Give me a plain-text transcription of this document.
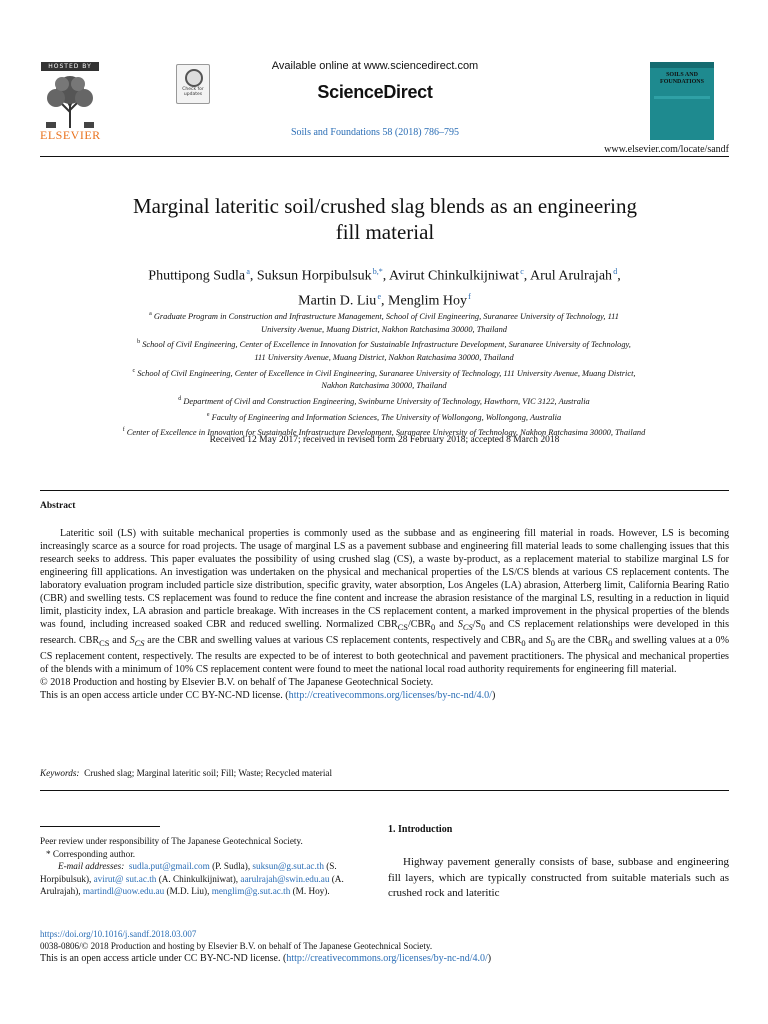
HOSTED BY
ELSEVIER
Check for updates
Available online at www.sciencedirect.com
ScienceDirect
Soils and Foundations 58 (2018) 786–795
SOILS AND FOUNDATIONS
www.elsevier.com/locate/sandf
Marginal lateritic soil/crushed slag blends as an engineering
fill material
Phuttipong Sudla $^a$, Suksun Horpibulsuk $^{b,*}$, Avirut Chinkulkijniwat $^c$, Arul Arulrajah $^d$,
Martin D. Liu $^e$, Menglim Hoy $^f$
$^a$ Graduate Program in Construction and Infrastructure Management, School of Civil Engineering, Suranaree University of Technology, 111
University Avenue, Muang District, Nakhon Ratchasima 30000, Thailand
$^b$ School of Civil Engineering, Center of Excellence in Innovation for Sustainable Infrastructure Development, Suranaree University of Technology,
111 University Avenue, Muang District, Nakhon Ratchasima 30000, Thailand
$^c$ School of Civil Engineering, Center of Excellence in Civil Engineering, Suranaree University of Technology, 111 University Avenue, Muang District,
Nakhon Ratchasima 30000, Thailand
$^d$ Department of Civil and Construction Engineering, Swinburne University of Technology, Hawthorn, VIC 3122, Australia
$^e$ Faculty of Engineering and Information Sciences, The University of Wollongong, Wollongong, Australia
$^f$ Center of Excellence in Innovation for Sustainable Infrastructure Development, Suranaree University of Technology, Nakhon Ratchasima 30000, Thailand
Received 12 May 2017; received in revised form 28 February 2018; accepted 8 March 2018
Abstract

Lateritic soil (LS) with suitable mechanical properties is commonly used as the subbase and as engineering fill material in roads. However, LS is becoming increasingly scarce as a source for road projects. The usage of marginal LS as a pavement subbase and engineering fill material leads to some challenging issues that this research seeks to address. This paper evaluates the possibility of using crushed slag (CS), a waste by-product, as a replacement material to stabilize marginal LS for engineering fill applications. An investigation was undertaken on the physical and mechanical properties of the LS/CS blends at various CS replacement contents. The laboratory evaluation program included particle size distribution, specific gravity, water absorption, Los Angeles (LA) abrasion, Atterberg limit, California Bearing Ratio (CBR) and swelling tests. CS replacement was found to reduce the fine content and increase the abrasion resistance of the marginal LS, resulting in a reduction in liquid limit, plasticity index, LA abrasion and particle breakage. With increases in the CS replacement content, a marked improvement in the physical properties of the blends was found, including increased soaked CBR and reduced swelling. Normalized $CBR_{CS}/CBR_0$ and $S_{CS}/S_0$ and CS replacement relationships were developed in this research. $CBR_{CS}$ and $S_{CS}$ are the CBR and swelling values at various CS replacement contents, respectively and $CBR_0$ and $S_0$ are the $CBR_0$ and swelling values at a 0% CS replacement content, respectively. The results are expected to be of interest to both geotechnical and pavement practitioners. The physical and mechanical properties of the blends with a minimum of 10% CS replacement content were found to meet the national local road authority requirements for engineering fill material.

© 2018 Production and hosting by Elsevier B.V. on behalf of The Japanese Geotechnical Society.
This is an open access article under CC BY-NC-ND license. (http://creativecommons.org/licenses/by-nc-nd/4.0/)
Keywords: Crushed slag; Marginal lateritic soil; Fill; Waste; Recycled material
Peer review under responsibility of The Japanese Geotechnical Society.
* Corresponding author.
E-mail addresses: sudla.put@gmail.com (P. Sudla), suksun@g.sut.ac.th (S. Horpibulsuk), avirut@ sut.ac.th (A. Chinkulkijniwat), aarulrajah@swin.edu.au (A. Arulrajah), martindl@uow.edu.au (M.D. Liu), menglim@g.sut.ac.th (M. Hoy).
1. Introduction

Highway pavement generally consists of base, subbase and engineering fill layers, which are typically constructed from suitable materials such as crushed rock and lateritic

https://doi.org/10.1016/j.sandf.2018.03.007
0038-0806/© 2018 Production and hosting by Elsevier B.V. on behalf of The Japanese Geotechnical Society.
This is an open access article under CC BY-NC-ND license. (http://creativecommons.org/licenses/by-nc-nd/4.0/)
